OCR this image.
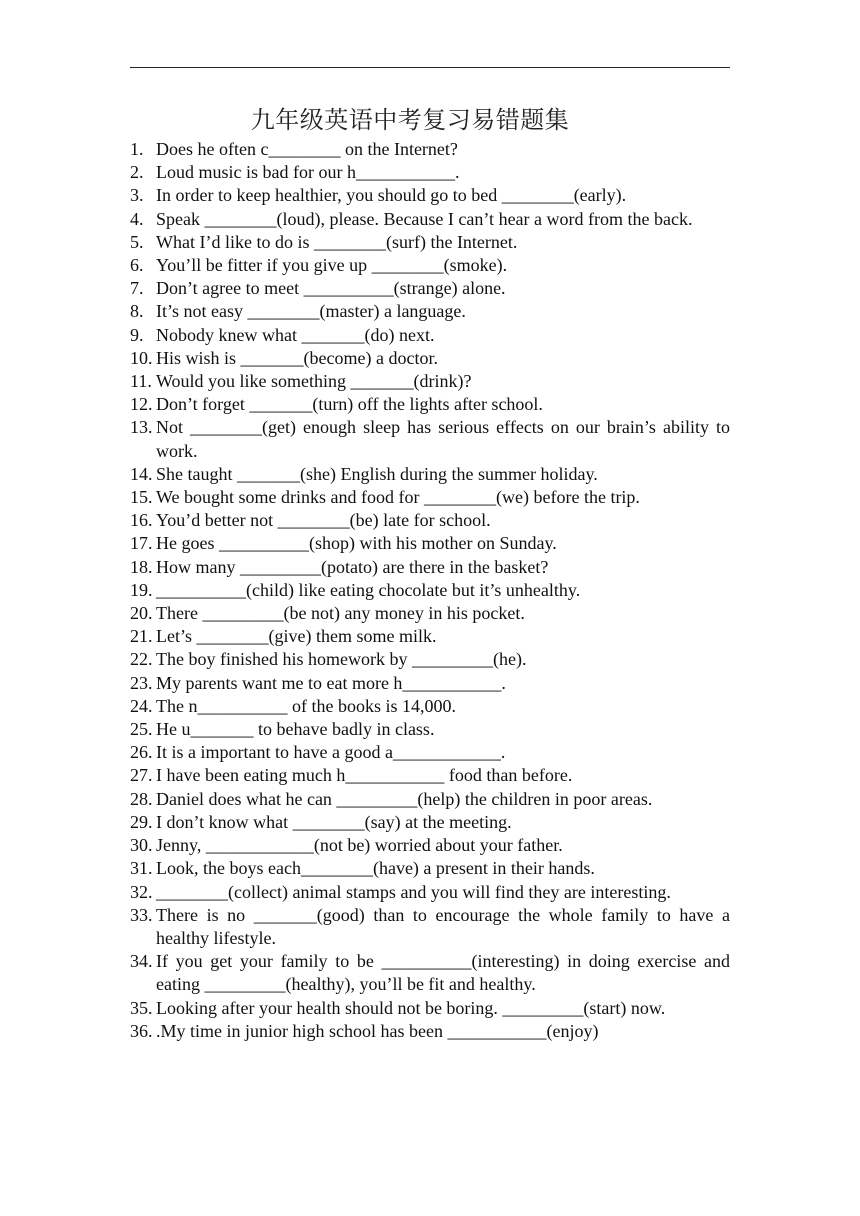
九年级英语中考复习易错题集
1. Does he often c________ on the Internet?
2. Loud music is bad for our h___________.
3. In order to keep healthier, you should go to bed ________(early).
4. Speak ________(loud), please. Because I can’t hear a word from the back.
5. What I’d like to do is ________(surf) the Internet.
6. You’ll be fitter if you give up ________(smoke).
7. Don’t agree to meet __________(strange) alone.
8. It’s not easy ________(master) a language.
9. Nobody knew what _______(do) next.
10. His wish is _______(become) a doctor.
11. Would you like something _______(drink)?
12. Don’t forget _______(turn) off the lights after school.
13. Not ________(get) enough sleep has serious effects on our brain’s ability to work.
14. She taught _______(she) English during the summer holiday.
15. We bought some drinks and food for ________(we) before the trip.
16. You’d better not ________(be) late for school.
17. He goes __________(shop) with his mother on Sunday.
18. How many _________(potato) are there in the basket?
19. __________(child) like eating chocolate but it’s unhealthy.
20. There _________(be not) any money in his pocket.
21. Let’s ________(give) them some milk.
22. The boy finished his homework by _________(he).
23. My parents want me to eat more h___________.
24. The n__________ of the books is 14,000.
25. He u_______ to behave badly in class.
26. It is a important to have a good a____________.
27. I have been eating much h___________ food than before.
28. Daniel does what he can _________(help) the children in poor areas.
29. I don’t know what ________(say) at the meeting.
30. Jenny, ____________(not be) worried about your father.
31. Look, the boys each________(have) a present in their hands.
32. ________(collect) animal stamps and you will find they are interesting.
33. There is no _______(good) than to encourage the whole family to have a healthy lifestyle.
34. If you get your family to be __________(interesting) in doing exercise and eating _________(healthy), you’ll be fit and healthy.
35. Looking after your health should not be boring. _________(start) now.
36. .My time in junior high school has been ___________(enjoy)
